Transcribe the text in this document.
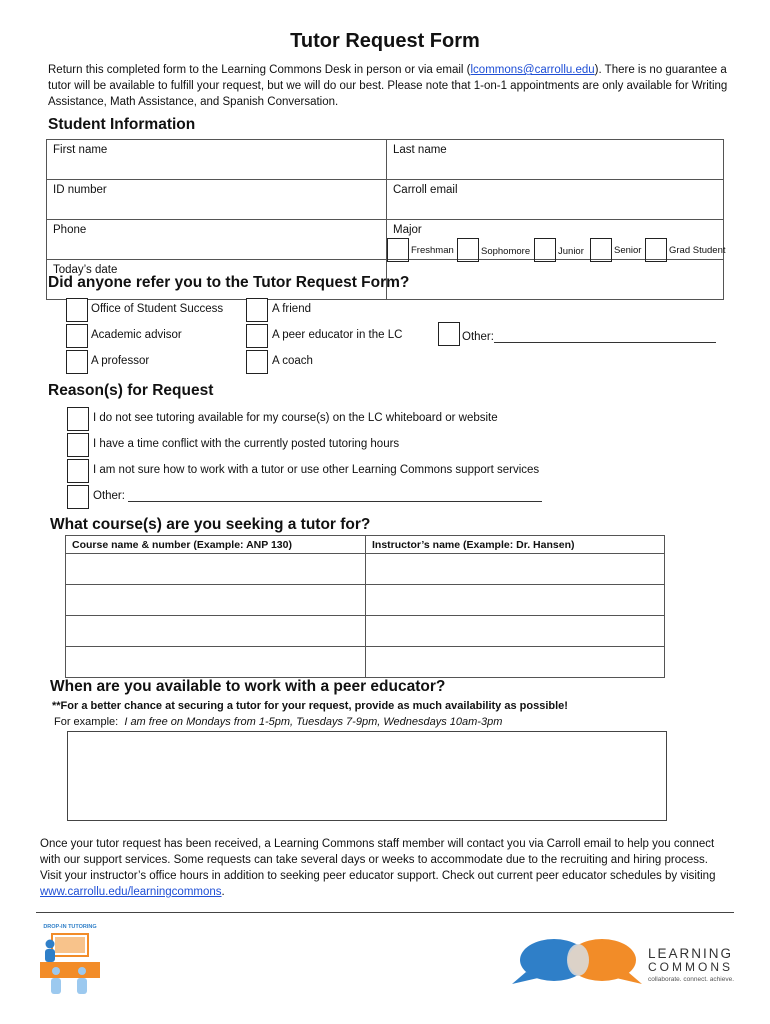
Tutor Request Form

Return this completed form to the Learning Commons Desk in person or via email (lcommons@carrollu.edu). There is no guarantee a tutor will be available to fulfill your request, but we will do our best. Please note that 1-on-1 appointments are only available for Writing Assistance, Math Assistance, and Spanish Conversation.

Student Information
First name	Last name
ID number	Carroll email
Phone	Major
Today’s date	
Freshman	Sophomore	Junior	Senior	Grad Student
Did anyone refer you to the Tutor Request Form?
Office of Student Success
Academic advisor
A professor
A friend
A peer educator in the LC
A coach
Other:
Reason(s) for Request
I do not see tutoring available for my course(s) on the LC whiteboard or website
I have a time conflict with the currently posted tutoring hours
I am not sure how to work with a tutor or use other Learning Commons support services
Other:
What course(s) are you seeking a tutor for?
Course name & number (Example: ANP 130)	Instructor’s name (Example: Dr. Hansen)

When are you available to work with a peer educator?
**For a better chance at securing a tutor for your request, provide as much availability as possible!
For example: I am free on Mondays from 1-5pm, Tuesdays 7-9pm, Wednesdays 10am-3pm

Once your tutor request has been received, a Learning Commons staff member will contact you via Carroll email to help you connect with our support services. Some requests can take several days or weeks to accommodate due to the recruiting and hiring process. Visit your instructor’s office hours in addition to seeking peer educator support. Check out current peer educator schedules by visiting www.carrollu.edu/learningcommons.

DROP-IN TUTORING
LEARNING
COMMONS
collaborate. connect. achieve.
